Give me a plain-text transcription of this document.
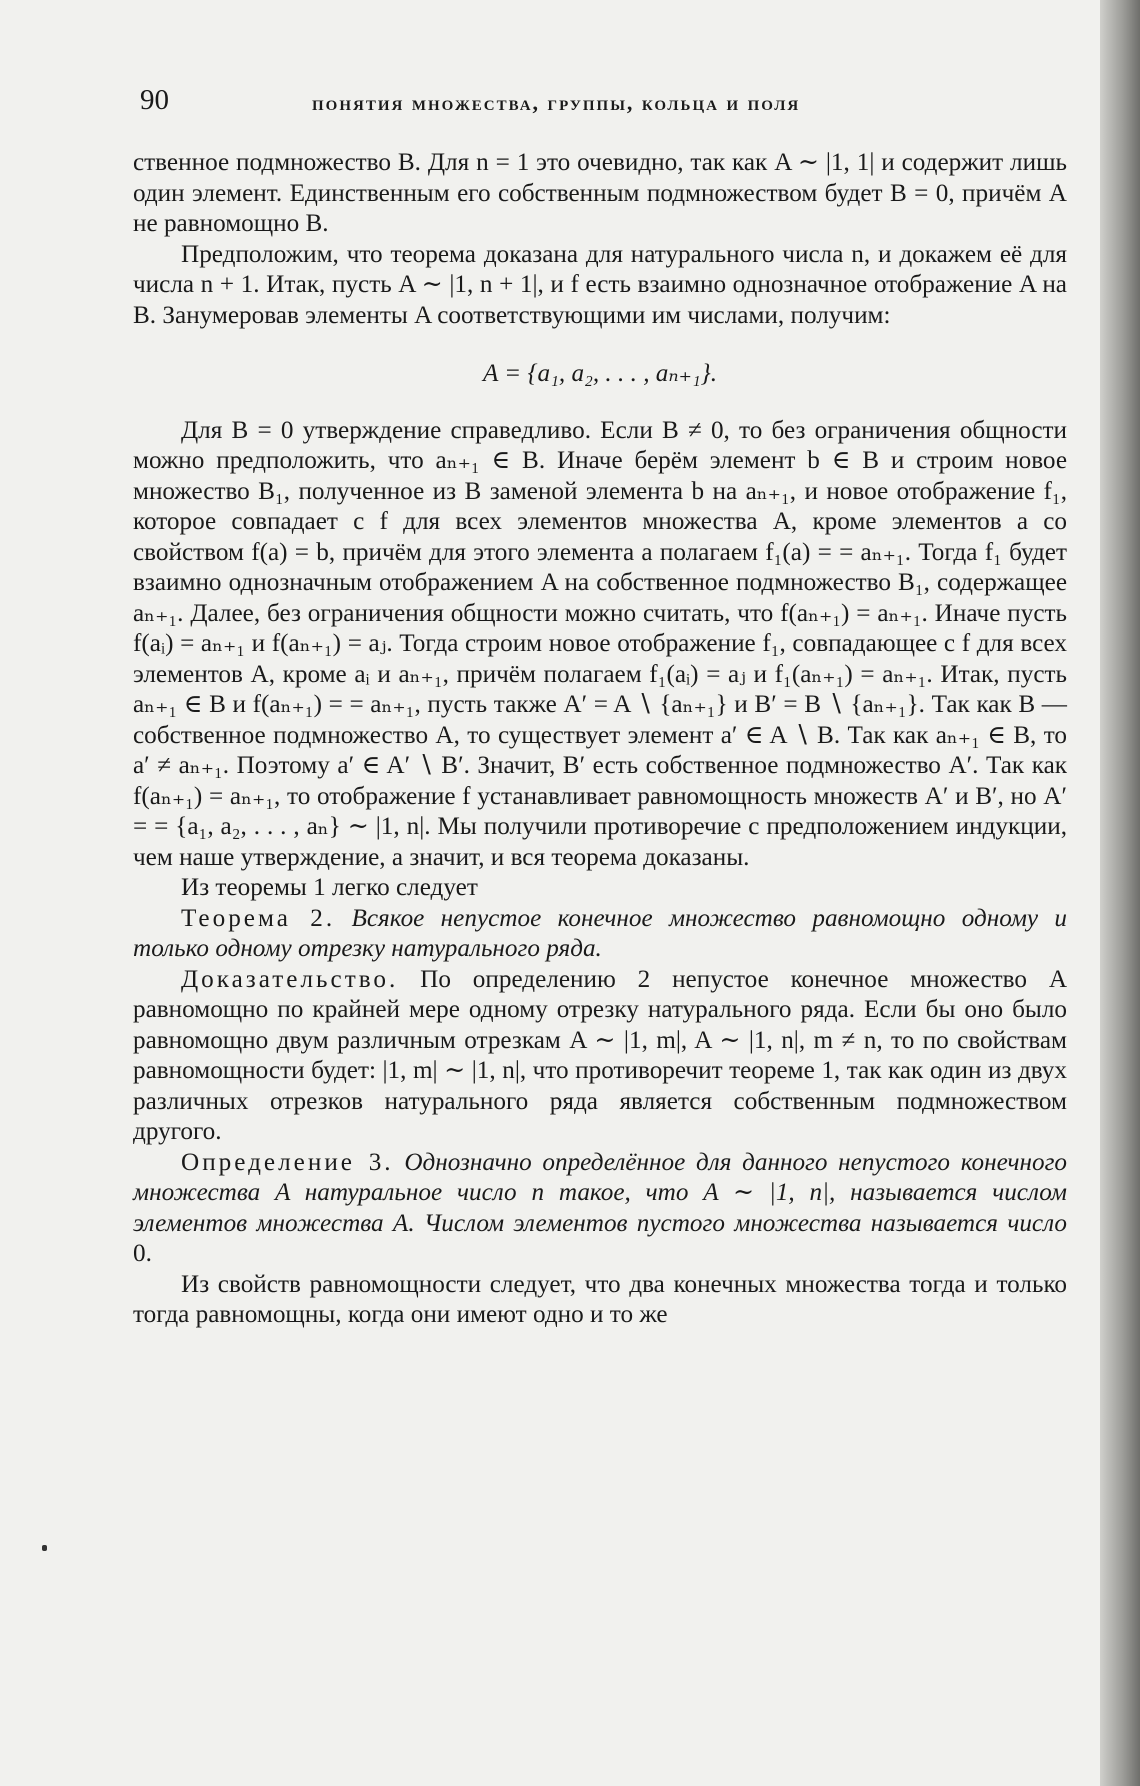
90	понятия множества, группы, кольца и поля

ственное подмножество B. Для n = 1 это очевидно, так как A ∼ |1, 1| и содержит лишь один элемент. Единственным его собственным подмножеством будет B = 0, причём A не равномощно B.

Предположим, что теорема доказана для натурального числа n, и докажем её для числа n + 1. Итак, пусть A ∼ |1, n + 1|, и f есть взаимно однозначное отображение A на B. Занумеровав элементы A соответствующими им числами, получим:

A = {a₁, a₂, . . . , aₙ₊₁}.

Для B = 0 утверждение справедливо. Если B ≠ 0, то без ограничения общности можно предположить, что aₙ₊₁ ∈ B. Иначе берём элемент b ∈ B и строим новое множество B₁, полученное из B заменой элемента b на aₙ₊₁, и новое отображение f₁, которое совпадает с f для всех элементов множества A, кроме элементов a со свойством f(a) = b, причём для этого элемента a полагаем f₁(a) = = aₙ₊₁. Тогда f₁ будет взаимно однозначным отображением A на собственное подмножество B₁, содержащее aₙ₊₁. Далее, без ограничения общности можно считать, что f(aₙ₊₁) = aₙ₊₁. Иначе пусть f(aᵢ) = aₙ₊₁ и f(aₙ₊₁) = aⱼ. Тогда строим новое отображение f₁, совпадающее с f для всех элементов A, кроме aᵢ и aₙ₊₁, причём полагаем f₁(aᵢ) = aⱼ и f₁(aₙ₊₁) = aₙ₊₁. Итак, пусть aₙ₊₁ ∈ B и f(aₙ₊₁) = = aₙ₊₁, пусть также A′ = A ∖ {aₙ₊₁} и B′ = B ∖ {aₙ₊₁}. Так как B — собственное подмножество A, то существует элемент a′ ∈ A ∖ B. Так как aₙ₊₁ ∈ B, то a′ ≠ aₙ₊₁. Поэтому a′ ∈ A′ ∖ B′. Значит, B′ есть собственное подмножество A′. Так как f(aₙ₊₁) = aₙ₊₁, то отображение f устанавливает равномощность множеств A′ и B′, но A′ = = {a₁, a₂, . . . , aₙ} ∼ |1, n|. Мы получили противоречие с предположением индукции, чем наше утверждение, а значит, и вся теорема доказаны.

Из теоремы 1 легко следует

Теорема 2. Всякое непустое конечное множество равномощно одному и только одному отрезку натурального ряда.

Доказательство. По определению 2 непустое конечное множество A равномощно по крайней мере одному отрезку натурального ряда. Если бы оно было равномощно двум различным отрезкам A ∼ |1, m|, A ∼ |1, n|, m ≠ n, то по свойствам равномощности будет: |1, m| ∼ |1, n|, что противоречит теореме 1, так как один из двух различных отрезков натурального ряда является собственным подмножеством другого.

Определение 3. Однозначно определённое для данного непустого конечного множества A натуральное число n такое, что A ∼ |1, n|, называется числом элементов множества A. Числом элементов пустого множества называется число 0.

Из свойств равномощности следует, что два конечных множества тогда и только тогда равномощны, когда они имеют одно и то же
